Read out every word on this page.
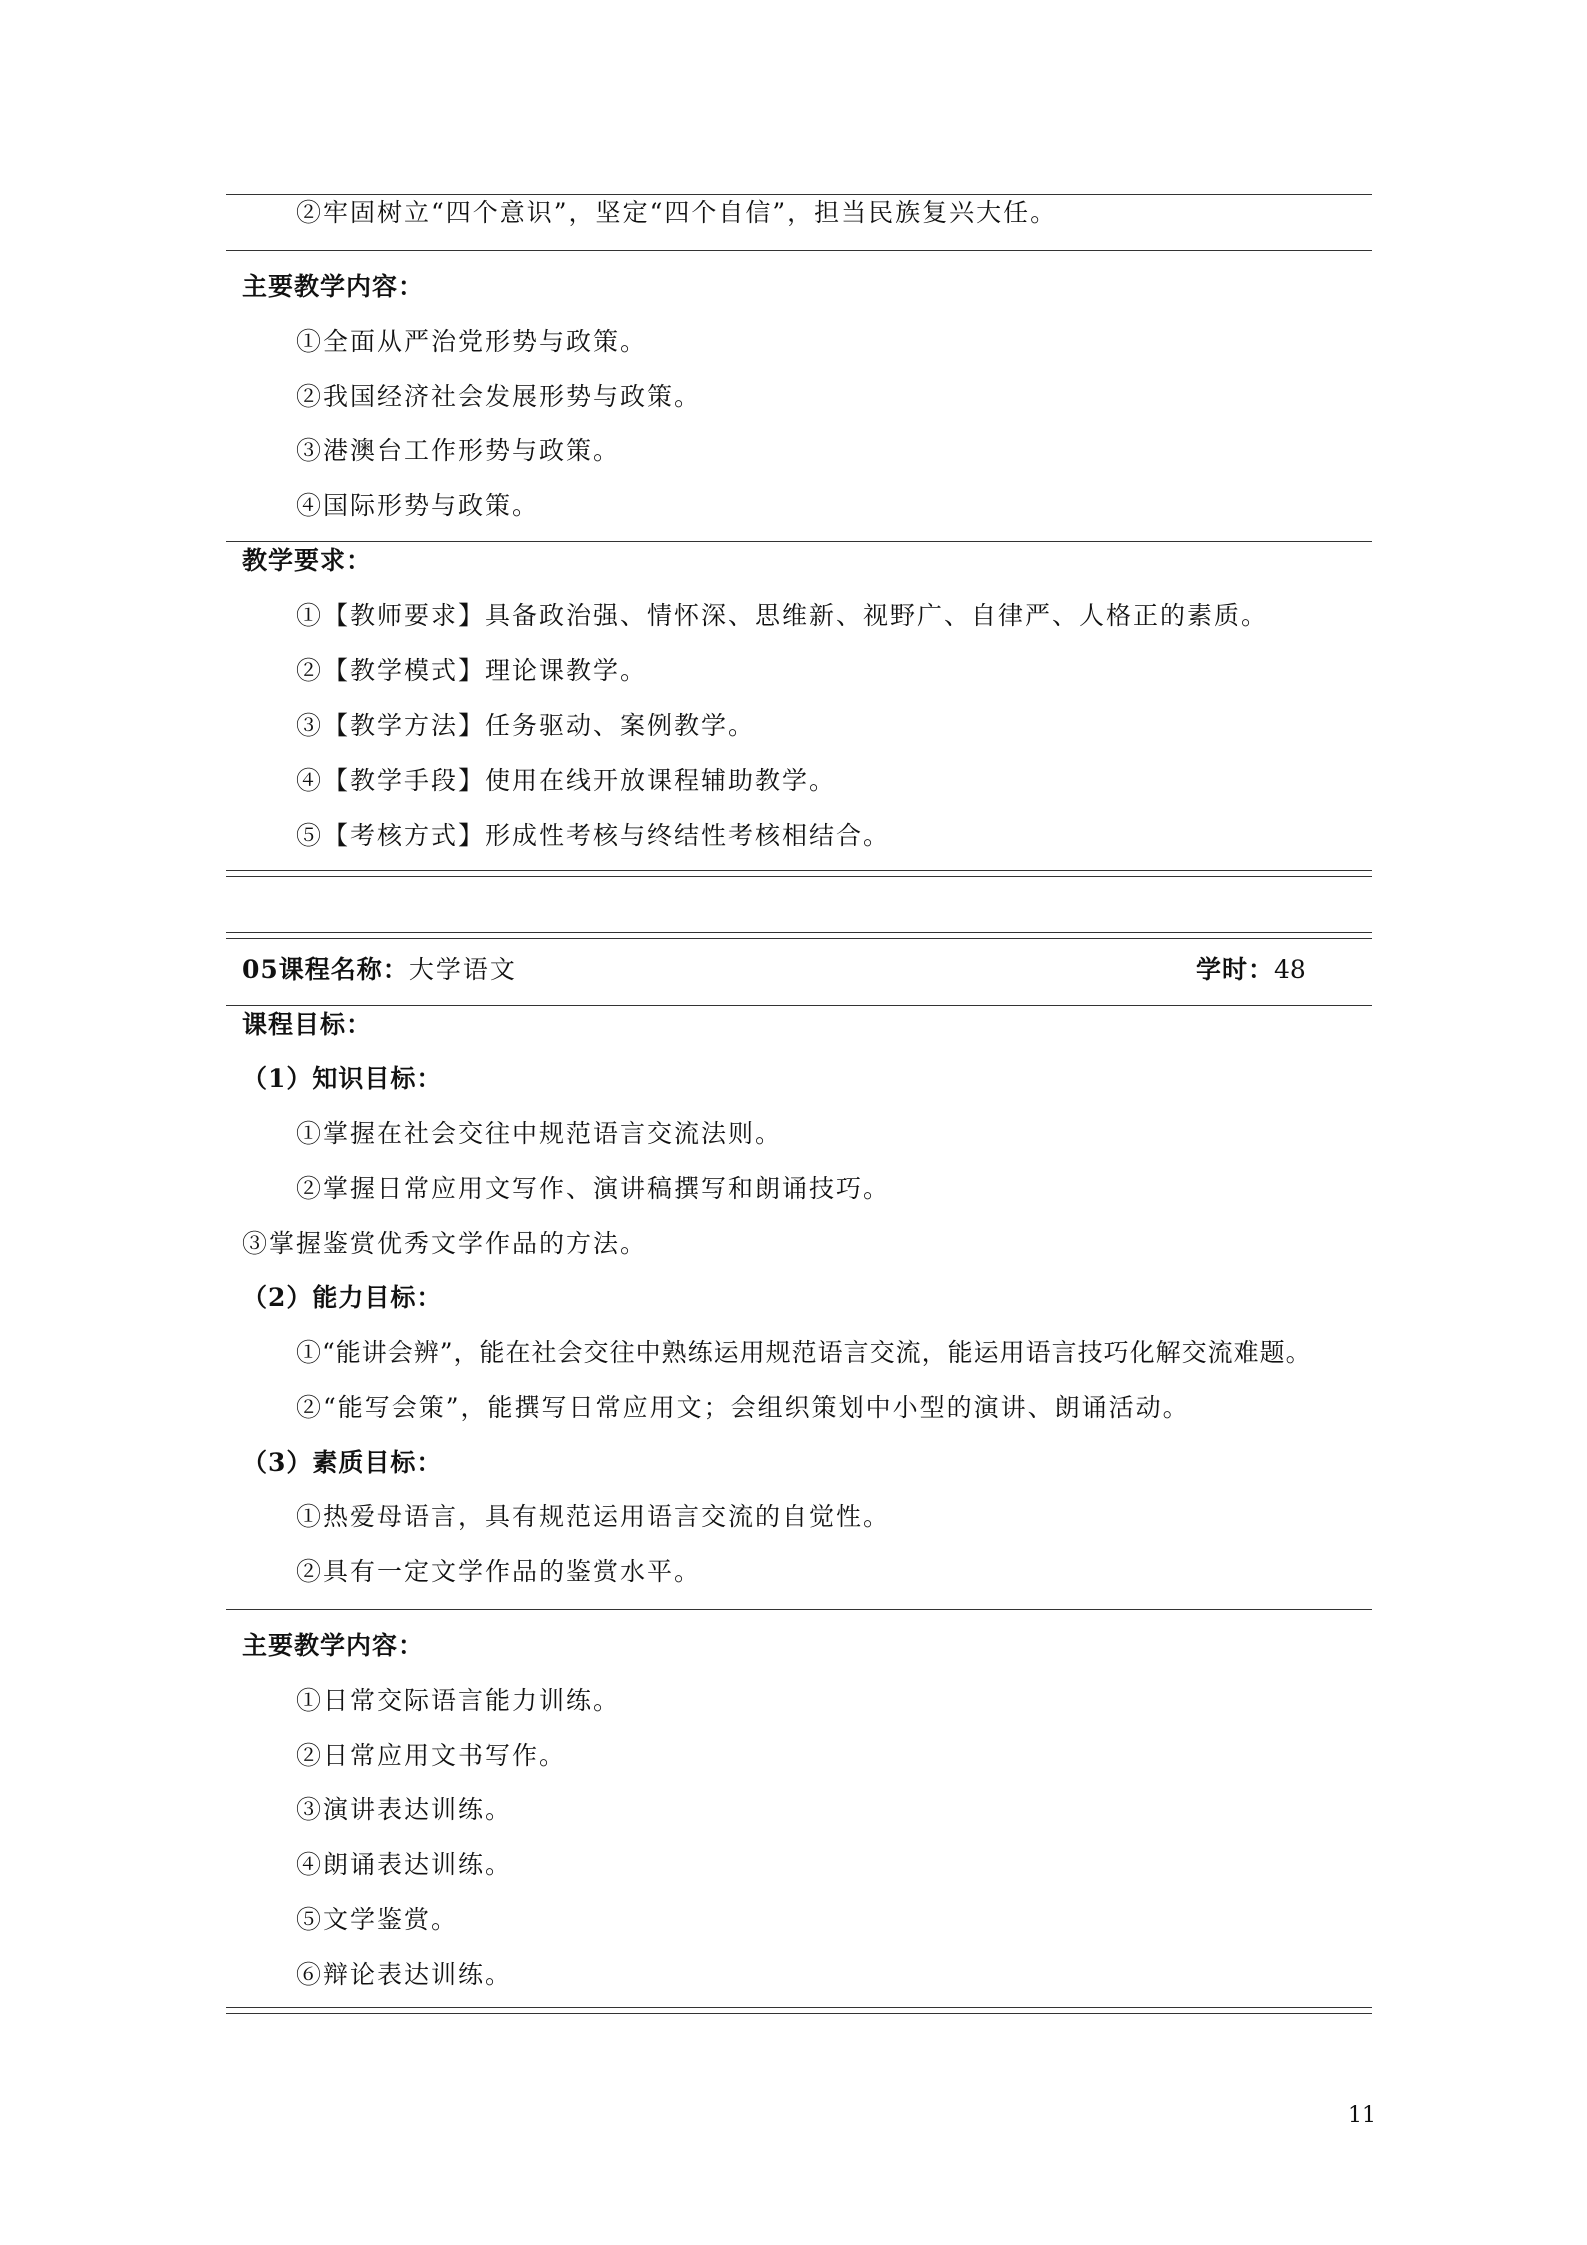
②牢固树立“四个意识”，坚定“四个自信”，担当民族复兴大任。
主要教学内容：
①全面从严治党形势与政策。
②我国经济社会发展形势与政策。
③港澳台工作形势与政策。
④国际形势与政策。
教学要求：
①【教师要求】具备政治强、情怀深、思维新、视野广、自律严、人格正的素质。
②【教学模式】理论课教学。
③【教学方法】任务驱动、案例教学。
④【教学手段】使用在线开放课程辅助教学。
⑤【考核方式】形成性考核与终结性考核相结合。
05课程名称：大学语文	学时：48
课程目标：
（1）知识目标：
①掌握在社会交往中规范语言交流法则。
②掌握日常应用文写作、演讲稿撰写和朗诵技巧。
③掌握鉴赏优秀文学作品的方法。
（2）能力目标：
①“能讲会辨”，能在社会交往中熟练运用规范语言交流，能运用语言技巧化解交流难题。
②“能写会策”，能撰写日常应用文；会组织策划中小型的演讲、朗诵活动。
（3）素质目标：
①热爱母语言，具有规范运用语言交流的自觉性。
②具有一定文学作品的鉴赏水平。
主要教学内容：
①日常交际语言能力训练。
②日常应用文书写作。
③演讲表达训练。
④朗诵表达训练。
⑤文学鉴赏。
⑥辩论表达训练。
11
